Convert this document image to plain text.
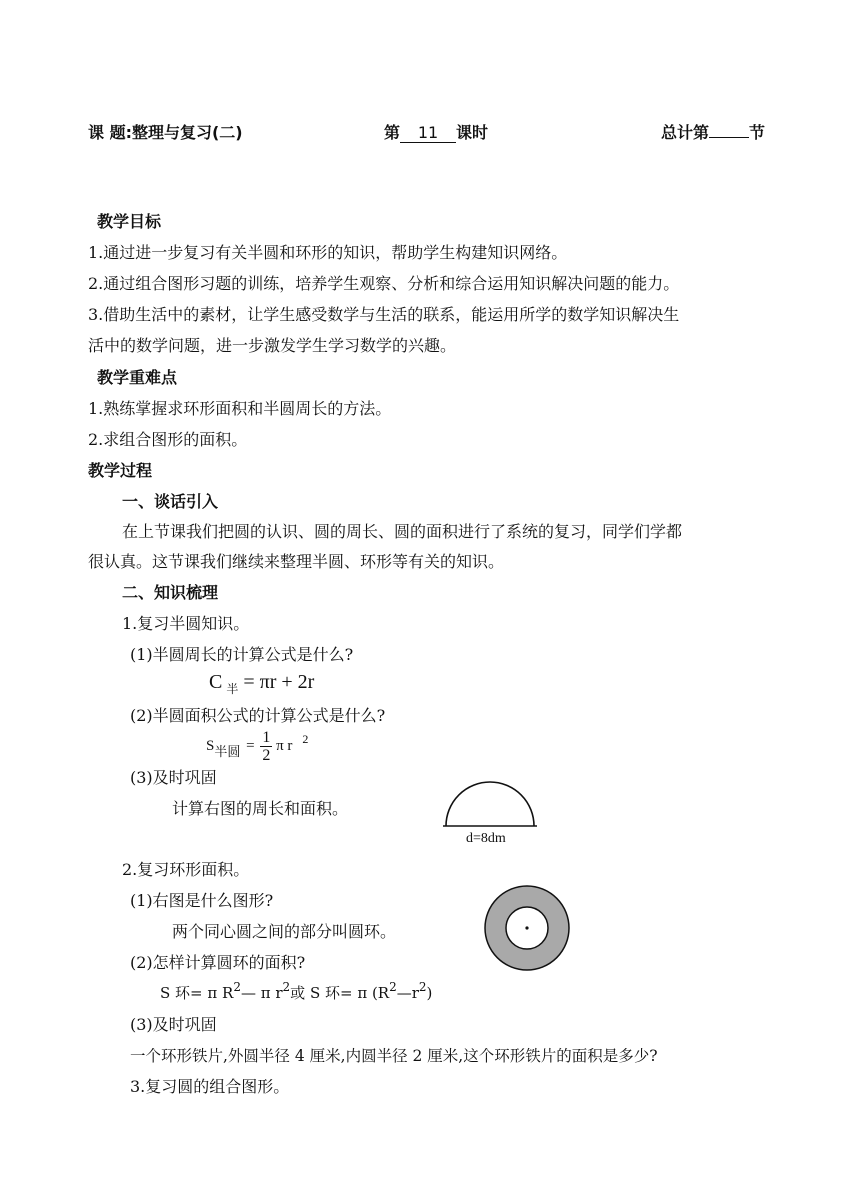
课 题:整理与复习(二)	第 11 课时	总计第	节
教学目标
1.通过进一步复习有关半圆和环形的知识，帮助学生构建知识网络。
2.通过组合图形习题的训练，培养学生观察、分析和综合运用知识解决问题的能力。
3.借助生活中的素材，让学生感受数学与生活的联系，能运用所学的数学知识解决生
活中的数学问题，进一步激发学生学习数学的兴趣。
教学重难点
1.熟练掌握求环形面积和半圆周长的方法。
2.求组合图形的面积。
教学过程
一、谈话引入
在上节课我们把圆的认识、圆的周长、圆的面积进行了系统的复习，同学们学都
很认真。这节课我们继续来整理半圆、环形等有关的知识。
二、知识梳理
1.复习半圆知识。
(1)半圆周长的计算公式是什么?
C $_半$ = πr + 2r
(2)半圆面积公式的计算公式是什么?
S半圆 = $\frac{1}{2}$ π r $^2$
(3)及时巩固
计算右图的周长和面积。
d=8dm
2.复习环形面积。
(1)右图是什么图形?
两个同心圆之间的部分叫圆环。
(2)怎样计算圆环的面积?
S 环= π $R^2—$ π $r^2$或 S 环= π $(R^2—r^2)$
(3)及时巩固
一个环形铁片,外圆半径 4 厘米,内圆半径 2 厘米,这个环形铁片的面积是多少?
3.复习圆的组合图形。
